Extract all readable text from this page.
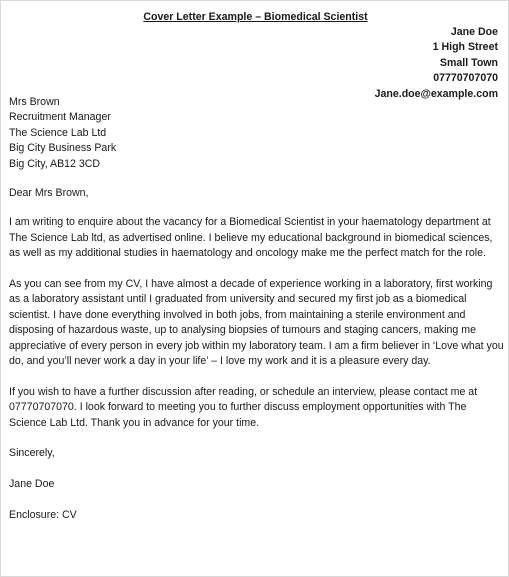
Cover Letter Example – Biomedical Scientist
Jane Doe
1 High Street
Small Town
07770707070
Jane.doe@example.com
Mrs Brown
Recruitment Manager
The Science Lab Ltd
Big City Business Park
Big City, AB12 3CD

Dear Mrs Brown,

I am writing to enquire about the vacancy for a Biomedical Scientist in your haematology department at The Science Lab ltd, as advertised online. I believe my educational background in biomedical sciences, as well as my additional studies in haematology and oncology make me the perfect match for the role.

As you can see from my CV, I have almost a decade of experience working in a laboratory, first working as a laboratory assistant until I graduated from university and secured my first job as a biomedical scientist. I have done everything involved in both jobs, from maintaining a sterile environment and disposing of hazardous waste, up to analysing biopsies of tumours and staging cancers, making me appreciative of every person in every job within my laboratory team. I am a firm believer in ‘Love what you do, and you’ll never work a day in your life’ – I love my work and it is a pleasure every day.

If you wish to have a further discussion after reading, or schedule an interview, please contact me at 07770707070. I look forward to meeting you to further discuss employment opportunities with The Science Lab Ltd. Thank you in advance for your time.

Sincerely,

Jane Doe

Enclosure: CV
